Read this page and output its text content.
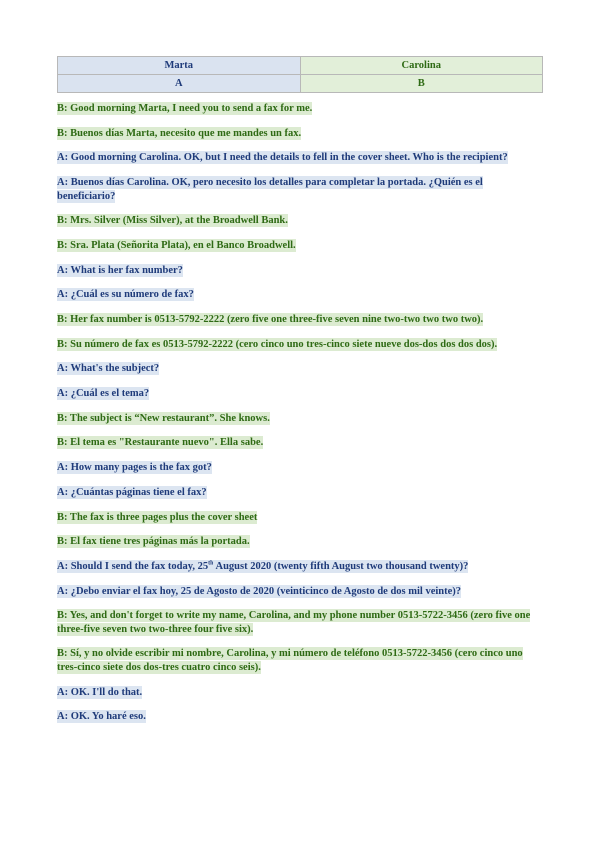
Marta	Carolina
A	B

B: Good morning Marta, I need you to send a fax for me.

B: Buenos días Marta, necesito que me mandes un fax.

A: Good morning Carolina. OK, but I need the details to fell in the cover sheet. Who is the recipient?

A: Buenos días Carolina. OK, pero necesito los detalles para completar la portada. ¿Quién es el beneficiario?

B: Mrs. Silver (Miss Silver), at the Broadwell Bank.

B: Sra. Plata (Señorita Plata), en el Banco Broadwell.

A: What is her fax number?

A: ¿Cuál es su número de fax?

B: Her fax number is 0513-5792-2222 (zero five one three-five seven nine two-two two two two).

B: Su número de fax es 0513-5792-2222 (cero cinco uno tres-cinco siete nueve dos-dos dos dos dos).

A: What's the subject?

A: ¿Cuál es el tema?

B: The subject is “New restaurant”. She knows.

B: El tema es "Restaurante nuevo". Ella sabe.

A: How many pages is the fax got?

A: ¿Cuántas páginas tiene el fax?

B: The fax is three pages plus the cover sheet

B: El fax tiene tres páginas más la portada.

A: Should I send the fax today, 25th August 2020 (twenty fifth August two thousand twenty)?

A: ¿Debo enviar el fax hoy, 25 de Agosto de 2020 (veinticinco de Agosto de dos mil veinte)?

B: Yes, and don't forget to write my name, Carolina, and my phone number 0513-5722-3456 (zero five one three-five seven two two-three four five six).

B: Sí, y no olvide escribir mi nombre, Carolina, y mi número de teléfono 0513-5722-3456 (cero cinco uno tres-cinco siete dos dos-tres cuatro cinco seis).

A: OK. I'll do that.

A: OK. Yo haré eso.
